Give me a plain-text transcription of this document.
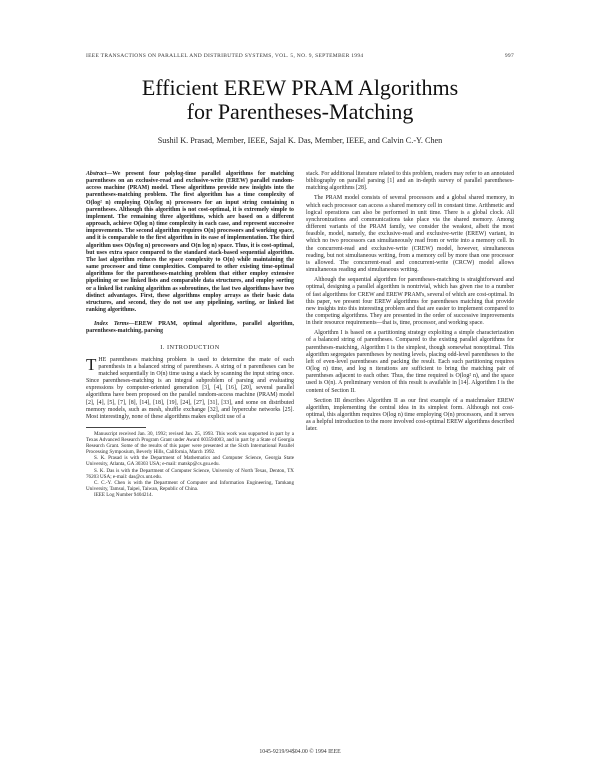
IEEE TRANSACTIONS ON PARALLEL AND DISTRIBUTED SYSTEMS, VOL. 5, NO. 9, SEPTEMBER 1994	997
Efficient EREW PRAM Algorithms
for Parentheses-Matching
Sushil K. Prasad, Member, IEEE, Sajal K. Das, Member, IEEE, and Calvin C.-Y. Chen

Abstract—We present four polylog-time parallel algorithms for matching parentheses on an exclusive-read and exclusive-write (EREW) parallel random-access machine (PRAM) model. These algorithms provide new insights into the parentheses-matching problem. The first algorithm has a time complexity of O(log² n) employing O(n/log n) processors for an input string containing n parentheses. Although this algorithm is not cost-optimal, it is extremely simple to implement. The remaining three algorithms, which are based on a different approach, achieve O(log n) time complexity in each case, and represent successive improvements. The second algorithm requires O(n) processors and working space, and it is comparable to the first algorithm in its ease of implementation. The third algorithm uses O(n/log n) processors and O(n log n) space. Thus, it is cost-optimal, but uses extra space compared to the standard stack-based sequential algorithm. The last algorithm reduces the space complexity to O(n) while maintaining the same processor and time complexities. Compared to other existing time-optimal algorithms for the parentheses-matching problem that either employ extensive pipelining or use linked lists and comparable data structures, and employ sorting or a linked list ranking algorithm as subroutines, the last two algorithms have two distinct advantages. First, these algorithms employ arrays as their basic data structures, and second, they do not use any pipelining, sorting, or linked list ranking algorithms.

Index Terms—EREW PRAM, optimal algorithms, parallel algorithm, parentheses-matching, parsing

I. INTRODUCTION

THE parentheses matching problem is used to determine the mate of each parenthesis in a balanced string of parentheses. A string of n parentheses can be matched sequentially in O(n) time using a stack by scanning the input string once. Since parentheses-matching is an integral subproblem of parsing and evaluating expressions by computer-oriented generation [3], [4], [16], [20], several parallel algorithms have been proposed on the parallel random-access machine (PRAM) model [2], [4], [5], [7], [8], [14], [18], [19], [24], [27], [31], [33], and some on distributed memory models, such as mesh, shuffle exchange [32], and hypercube networks [25]. Most interestingly, none of these algorithms makes explicit use of a

Manuscript received Jan. 30, 1992; revised Jan. 25, 1993. This work was supported in part by a Texas Advanced Research Program Grant under Award 003594003, and in part by a State of Georgia Research Grant. Some of the results of this paper were presented at the Sixth International Parallel Processing Symposium, Beverly Hills, California, March 1992.

S. K. Prasad is with the Department of Mathematics and Computer Science, Georgia State University, Atlanta, GA 30303 USA; e-mail: matskp@cs.gsu.edu.

S. K. Das is with the Department of Computer Science, University of North Texas, Denton, TX 76203 USA; e-mail: das@cs.unt.edu.

C. C.-Y. Chen is with the Department of Computer and Information Engineering, Tamkang University, Tamsui, Taipei, Taiwan, Republic of China.

IEEE Log Number 9404214.

stack. For additional literature related to this problem, readers may refer to an annotated bibliography on parallel parsing [1] and an in-depth survey of parallel parentheses-matching algorithms [28].

The PRAM model consists of several processors and a global shared memory, in which each processor can access a shared memory cell in constant time. Arithmetic and logical operations can also be performed in unit time. There is a global clock. All synchronizations and communications take place via the shared memory. Among different variants of the PRAM family, we consider the weakest, albeit the most feasible, model, namely, the exclusive-read and exclusive-write (EREW) variant, in which no two processors can simultaneously read from or write into a memory cell. In the concurrent-read and exclusive-write (CREW) model, however, simultaneous reading, but not simultaneous writing, from a memory cell by more than one processor is allowed. The concurrent-read and concurrent-write (CRCW) model allows simultaneous reading and simultaneous writing.

Although the sequential algorithm for parentheses-matching is straightforward and optimal, designing a parallel algorithm is nontrivial, which has given rise to a number of fast algorithms for CREW and EREW PRAM's, several of which are cost-optimal. In this paper, we present four EREW algorithms for parentheses matching that provide new insights into this interesting problem and that are easier to implement compared to the competing algorithms. They are presented in the order of successive improvements in their resource requirements—that is, time, processor, and working space.

Algorithm I is based on a partitioning strategy exploiting a simple characterization of a balanced string of parentheses. Compared to the existing parallel algorithms for parentheses-matching, Algorithm I is the simplest, though somewhat nonoptimal. This algorithm segregates parentheses by nesting levels, placing odd-level parentheses to the left of even-level parentheses and packing the result. Each such partitioning requires O(log n) time, and log n iterations are sufficient to bring the matching pair of parentheses adjacent to each other. Thus, the time required is O(log² n), and the space used is O(n). A preliminary version of this result is available in [14]. Algorithm I is the content of Section II.

Section III describes Algorithm II as our first example of a matchmaker EREW algorithm, implementing the central idea in its simplest form. Although not cost-optimal, this algorithm requires O(log n) time employing O(n) processors, and it serves as a helpful introduction to the more involved cost-optimal EREW algorithms described later.

1045-9219/94$04.00 © 1994 IEEE
